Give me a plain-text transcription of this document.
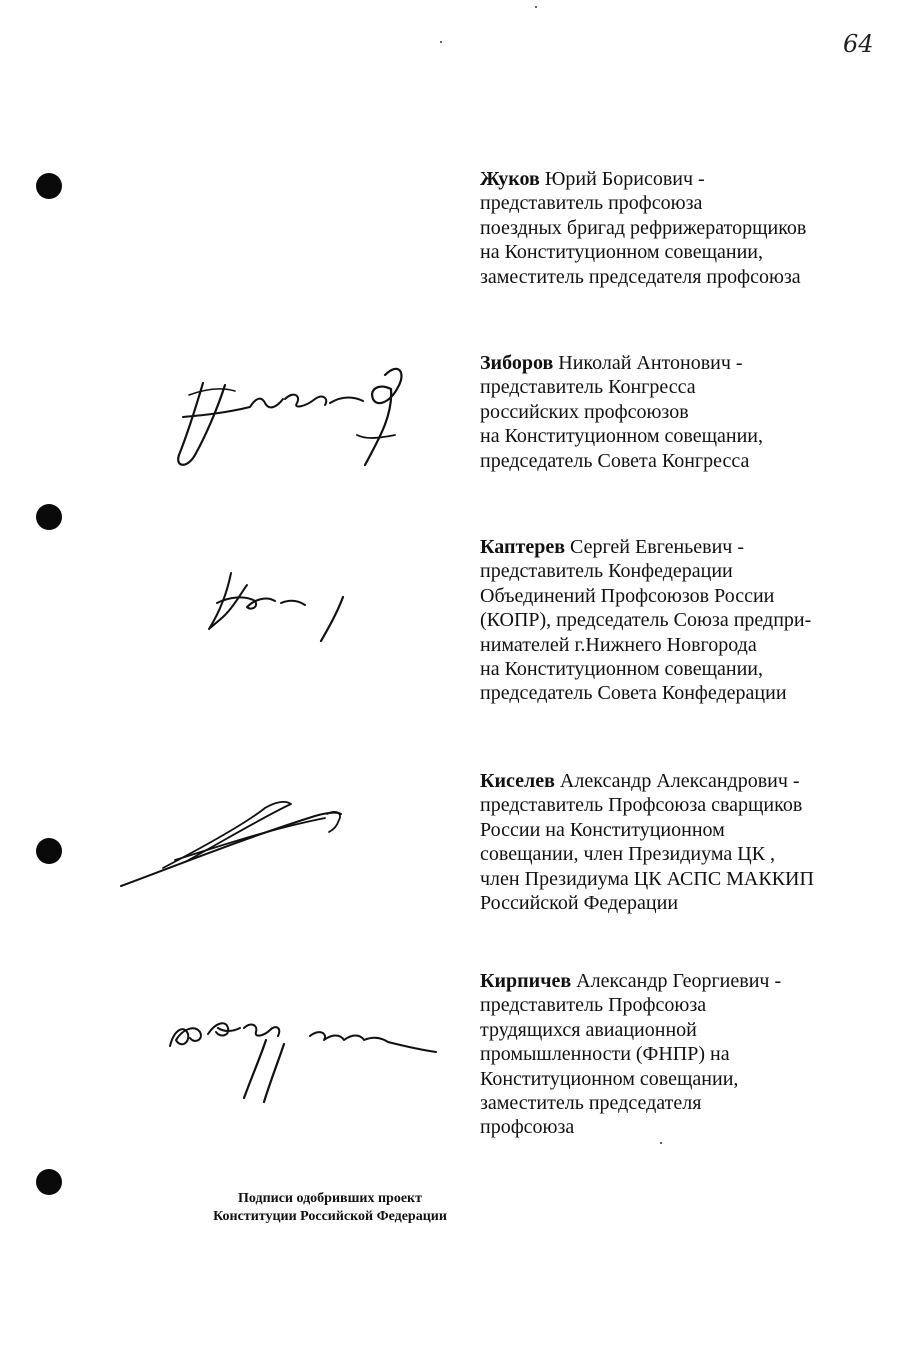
64
Жуков Юрий Борисович -
представитель профсоюза
поездных бригад рефрижераторщиков
на Конституционном совещании,
заместитель председателя профсоюза
Зиборов Николай Антонович -
представитель Конгресса
российских профсоюзов
на Конституционном совещании,
председатель Совета Конгресса
Каптерев Сергей Евгеньевич -
представитель Конфедерации
Объединений Профсоюзов России
(КОПР), председатель Союза предпри-
нимателей г.Нижнего Новгорода
на Конституционном совещании,
председатель Совета Конфедерации
Киселев Александр Александрович -
представитель Профсоюза сварщиков
России на Конституционном
совещании, член Президиума ЦК ,
член Президиума ЦК АСПС МАККИП
Российской Федерации
Кирпичев Александр Георгиевич -
представитель Профсоюза
трудящихся авиационной
промышленности (ФНПР) на
Конституционном совещании,
заместитель председателя
профсоюза
Подписи одобривших проект
Конституции Российской Федерации
